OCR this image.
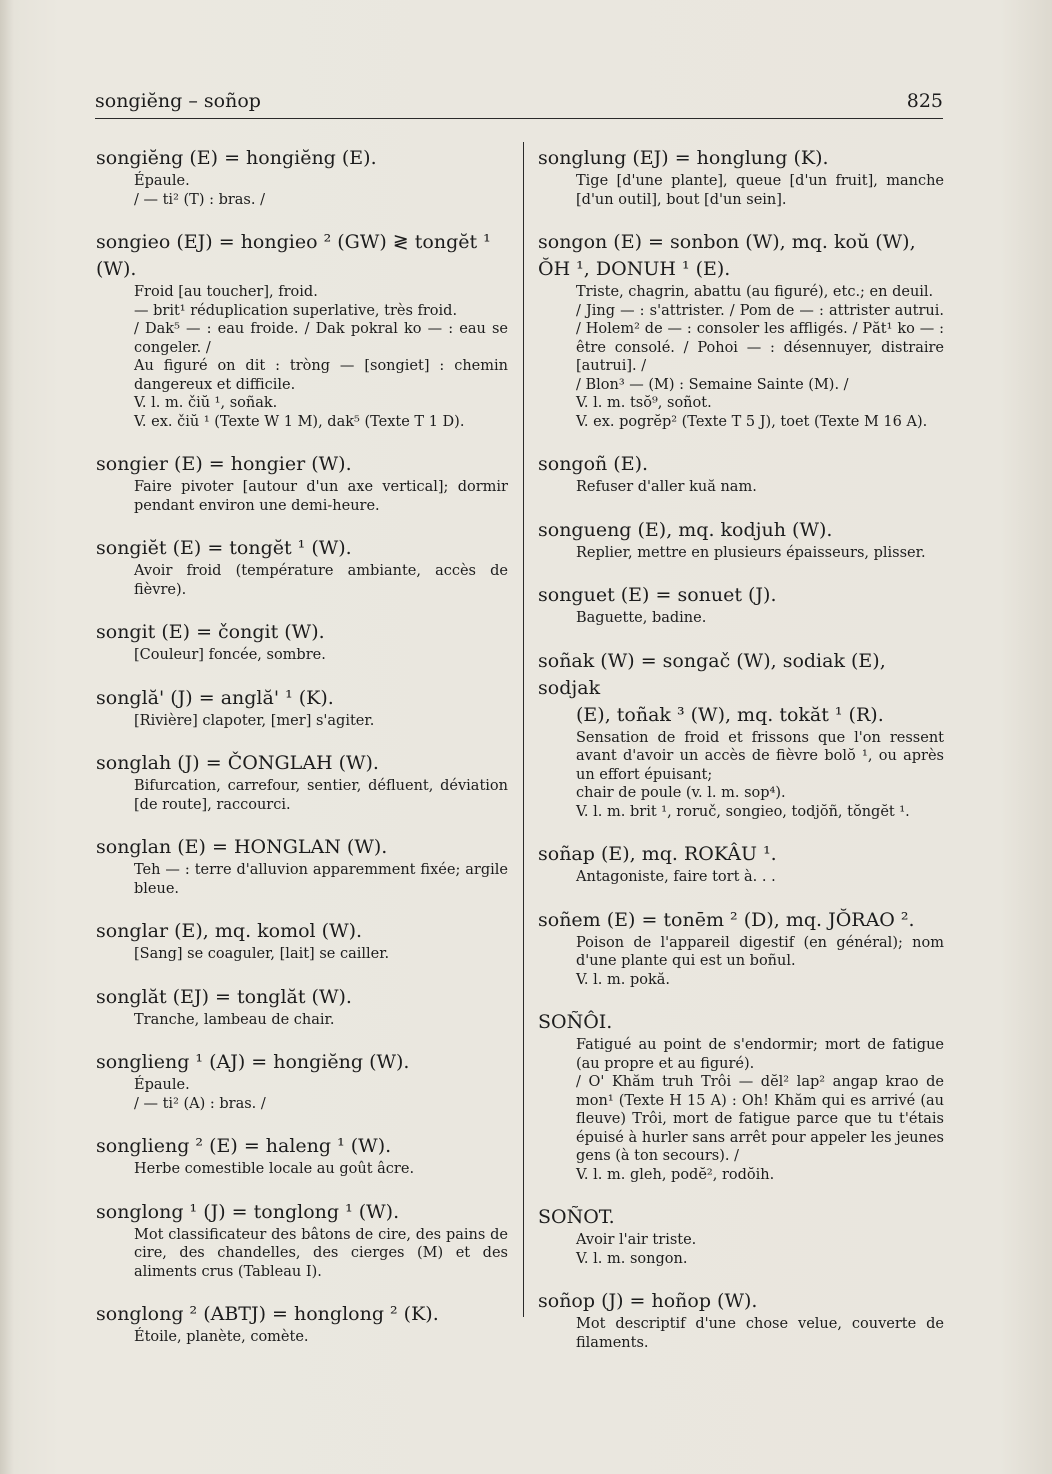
songiĕng – soñop	825

songiĕng (E) = hongiĕng (E).

Épaule.

/ — ti² (T) : bras. /

songieo (EJ) = hongieo ² (GW) ≷ tongĕt ¹

(W).

Froid [au toucher], froid.

— brit¹ réduplication superlative, très froid.

/ Dak⁵ — : eau froide. / Dak pokral ko — : eau se congeler. /

Au figuré on dit : tròng — [songiet] : chemin dangereux et difficile.

V. l. m. čiŭ ¹, soñak.

V. ex. čiŭ ¹ (Texte W 1 M), dak⁵ (Texte T 1 D).

songier (E) = hongier (W).

Faire pivoter [autour d'un axe vertical]; dormir pendant environ une demi-heure.

songiĕt (E) = tongĕt ¹ (W).

Avoir froid (température ambiante, accès de fièvre).

songit (E) = čongit (W).

[Couleur] foncée, sombre.

songlă' (J) = anglă' ¹ (K).

[Rivière] clapoter, [mer] s'agiter.

songlah (J) = ČONGLAH (W).

Bifurcation, carrefour, sentier, défluent, déviation [de route], raccourci.

songlan (E) = HONGLAN (W).

Teh — : terre d'alluvion apparemment fixée; argile bleue.

songlar (E), mq. komol (W).

[Sang] se coaguler, [lait] se cailler.

songlăt (EJ) = tonglăt (W).

Tranche, lambeau de chair.

songlieng ¹ (AJ) = hongiĕng (W).

Épaule.

/ — ti² (A) : bras. /

songlieng ² (E) = haleng ¹ (W).

Herbe comestible locale au goût âcre.

songlong ¹ (J) = tonglong ¹ (W).

Mot classificateur des bâtons de cire, des pains de cire, des chandelles, des cierges (M) et des aliments crus (Tableau I).

songlong ² (ABTJ) = honglong ² (K).

Étoile, planète, comète.

songlung (EJ) = honglung (K).

Tige [d'une plante], queue [d'un fruit], manche [d'un outil], bout [d'un sein].

songon (E) = sonbon (W), mq. koŭ (W),

ŎH ¹, DONUH ¹ (E).

Triste, chagrin, abattu (au figuré), etc.; en deuil.

/ Jing — : s'attrister. / Pom de — : attrister autrui. / Holem² de — : consoler les affligés. / Păt¹ ko — : être consolé. / Pohoi — : désennuyer, distraire [autrui]. /

/ Blon³ — (M) : Semaine Sainte (M). /

V. l. m. tsŏ⁹, soñot.

V. ex. pogrĕp² (Texte T 5 J), toet (Texte M 16 A).

songoñ (E).

Refuser d'aller kuă nam.

songueng (E), mq. kodjuh (W).

Replier, mettre en plusieurs épaisseurs, plisser.

songuet (E) = sonuet (J).

Baguette, badine.

soñak (W) = songač (W), sodiak (E), sodjak

(E), toñak ³ (W), mq. tokăt ¹ (R).

Sensation de froid et frissons que l'on ressent avant d'avoir un accès de fièvre bolŏ ¹, ou après un effort épuisant;

chair de poule (v. l. m. sop⁴).

V. l. m. brit ¹, roruč, songieo, todjŏñ, tŏngĕt ¹.

soñap (E), mq. ROKÂU ¹.

Antagoniste, faire tort à. . .

soñem (E) = tonēm ² (D), mq. JŎRAO ².

Poison de l'appareil digestif (en général); nom d'une plante qui est un boñul.

V. l. m. pokă.

SOÑÔI.

Fatigué au point de s'endormir; mort de fatigue (au propre et au figuré).

/ O' Khăm truh Trôi — dĕl² lap² angap krao de mon¹ (Texte H 15 A) : Oh! Khăm qui es arrivé (au fleuve) Trôi, mort de fatigue parce que tu t'étais épuisé à hurler sans arrêt pour appeler les jeunes gens (à ton secours). /

V. l. m. gleh, podĕ², rodŏih.

SOÑOT.

Avoir l'air triste.

V. l. m. songon.

soñop (J) = hoñop (W).

Mot descriptif d'une chose velue, couverte de filaments.
